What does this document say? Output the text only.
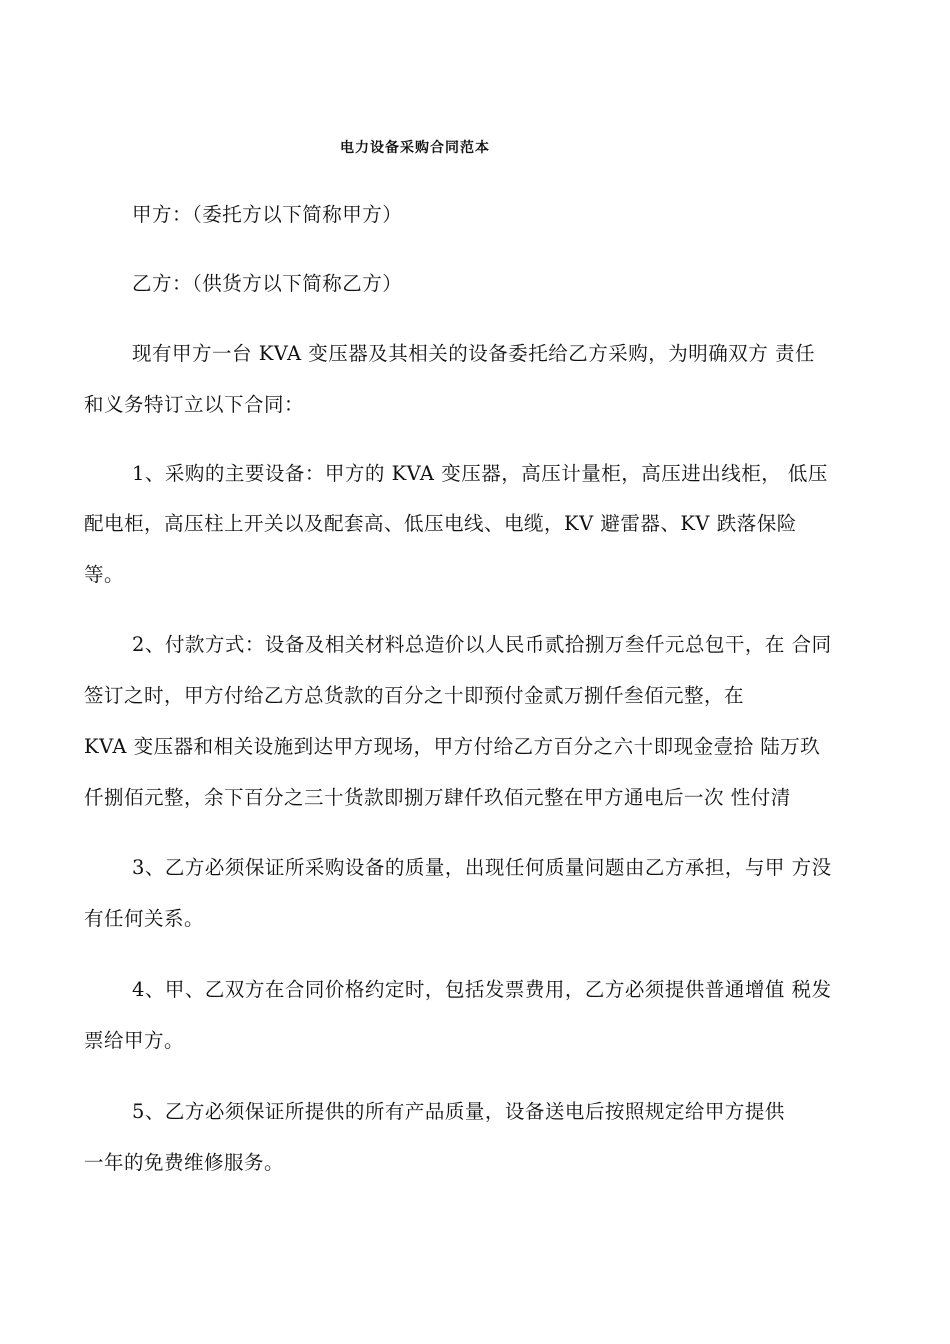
电力设备采购合同范本
甲方：（委托方以下简称甲方）
乙方：（供货方以下简称乙方）
现有甲方一台 KVA 变压器及其相关的设备委托给乙方采购，为明确双方 责任
和义务特订立以下合同：
1、采购的主要设备：甲方的 KVA 变压器，高压计量柜，高压进出线柜， 低压
配电柜，高压柱上开关以及配套高、低压电线、电缆，KV 避雷器、KV 跌落保险
等。
2、付款方式：设备及相关材料总造价以人民币贰拾捌万叁仟元总包干，在 合同
签订之时，甲方付给乙方总货款的百分之十即预付金贰万捌仟叁佰元整，在
KVA 变压器和相关设施到达甲方现场，甲方付给乙方百分之六十即现金壹拾 陆万玖
仟捌佰元整，余下百分之三十货款即捌万肆仟玖佰元整在甲方通电后一次 性付清
3、乙方必须保证所采购设备的质量，出现任何质量问题由乙方承担，与甲 方没
有任何关系。
4、甲、乙双方在合同价格约定时，包括发票费用，乙方必须提供普通增值 税发
票给甲方。
5、乙方必须保证所提供的所有产品质量，设备送电后按照规定给甲方提供
一年的免费维修服务。
